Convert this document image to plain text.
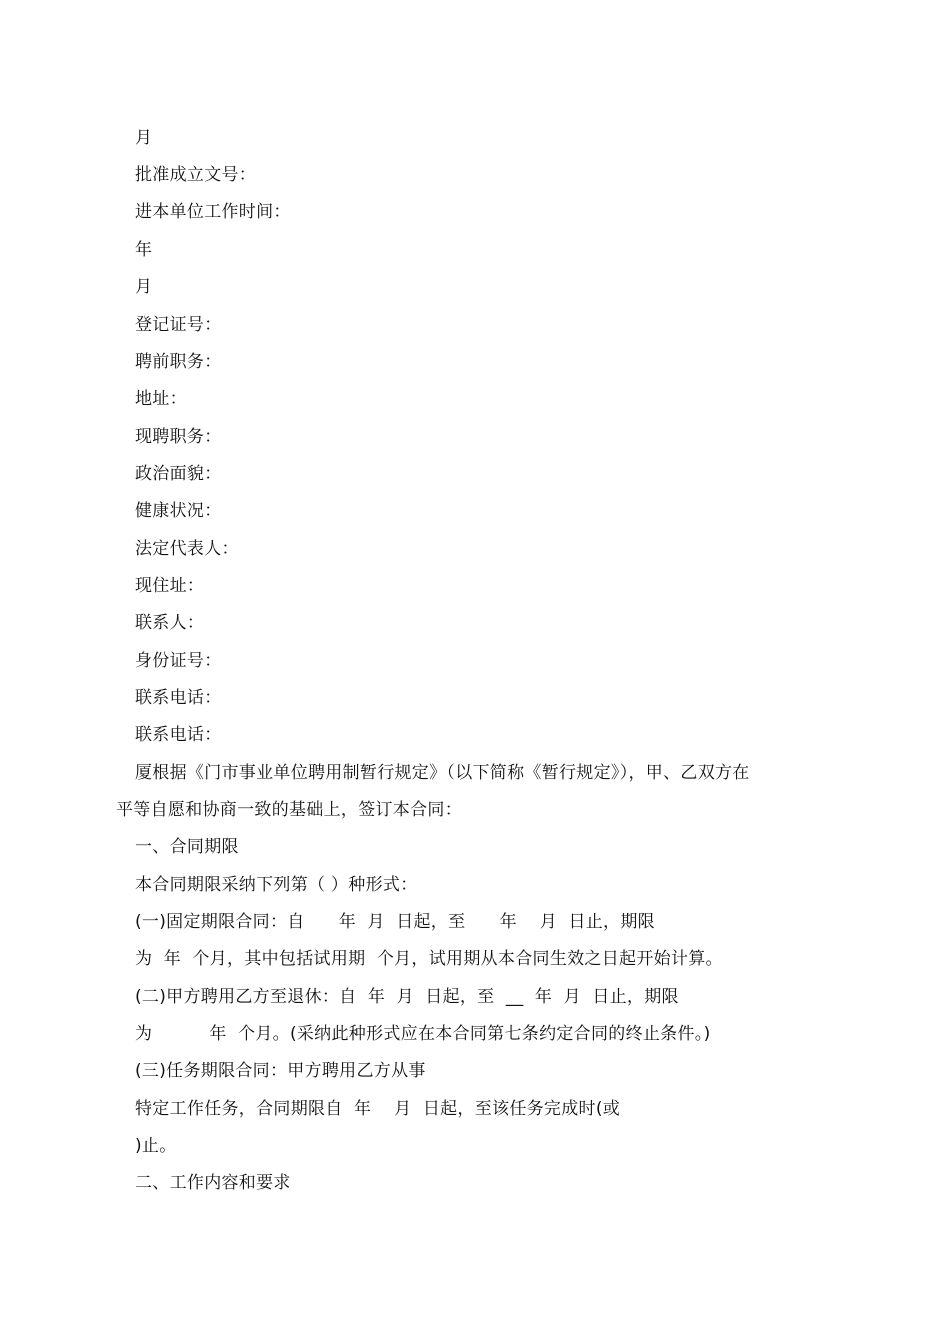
月
批准成立文号：
进本单位工作时间：
年
月
登记证号：
聘前职务：
地址：
现聘职务：
政治面貌：
健康状况：
法定代表人：
现住址：
联系人：
身份证号：
联系电话：
联系电话：
厦根据《门市事业单位聘用制暂行规定》（以下简称《暂行规定》），甲、乙双方在
平等自愿和协商一致的基础上，签订本合同：
一、合同期限
本合同期限采纳下列第（ ）种形式：
(一)固定期限合同：自      年  月  日起，至      年    月  日止，期限
为  年  个月，其中包括试用期  个月，试用期从本合同生效之日起开始计算。
(二)甲方聘用乙方至退休：自  年  月  日起，至  __  年  月  日止，期限
为          年  个月。(采纳此种形式应在本合同第七条约定合同的终止条件。)
(三)任务期限合同：甲方聘用乙方从事
特定工作任务，合同期限自  年    月  日起，至该任务完成时(或
)止。
二、工作内容和要求
